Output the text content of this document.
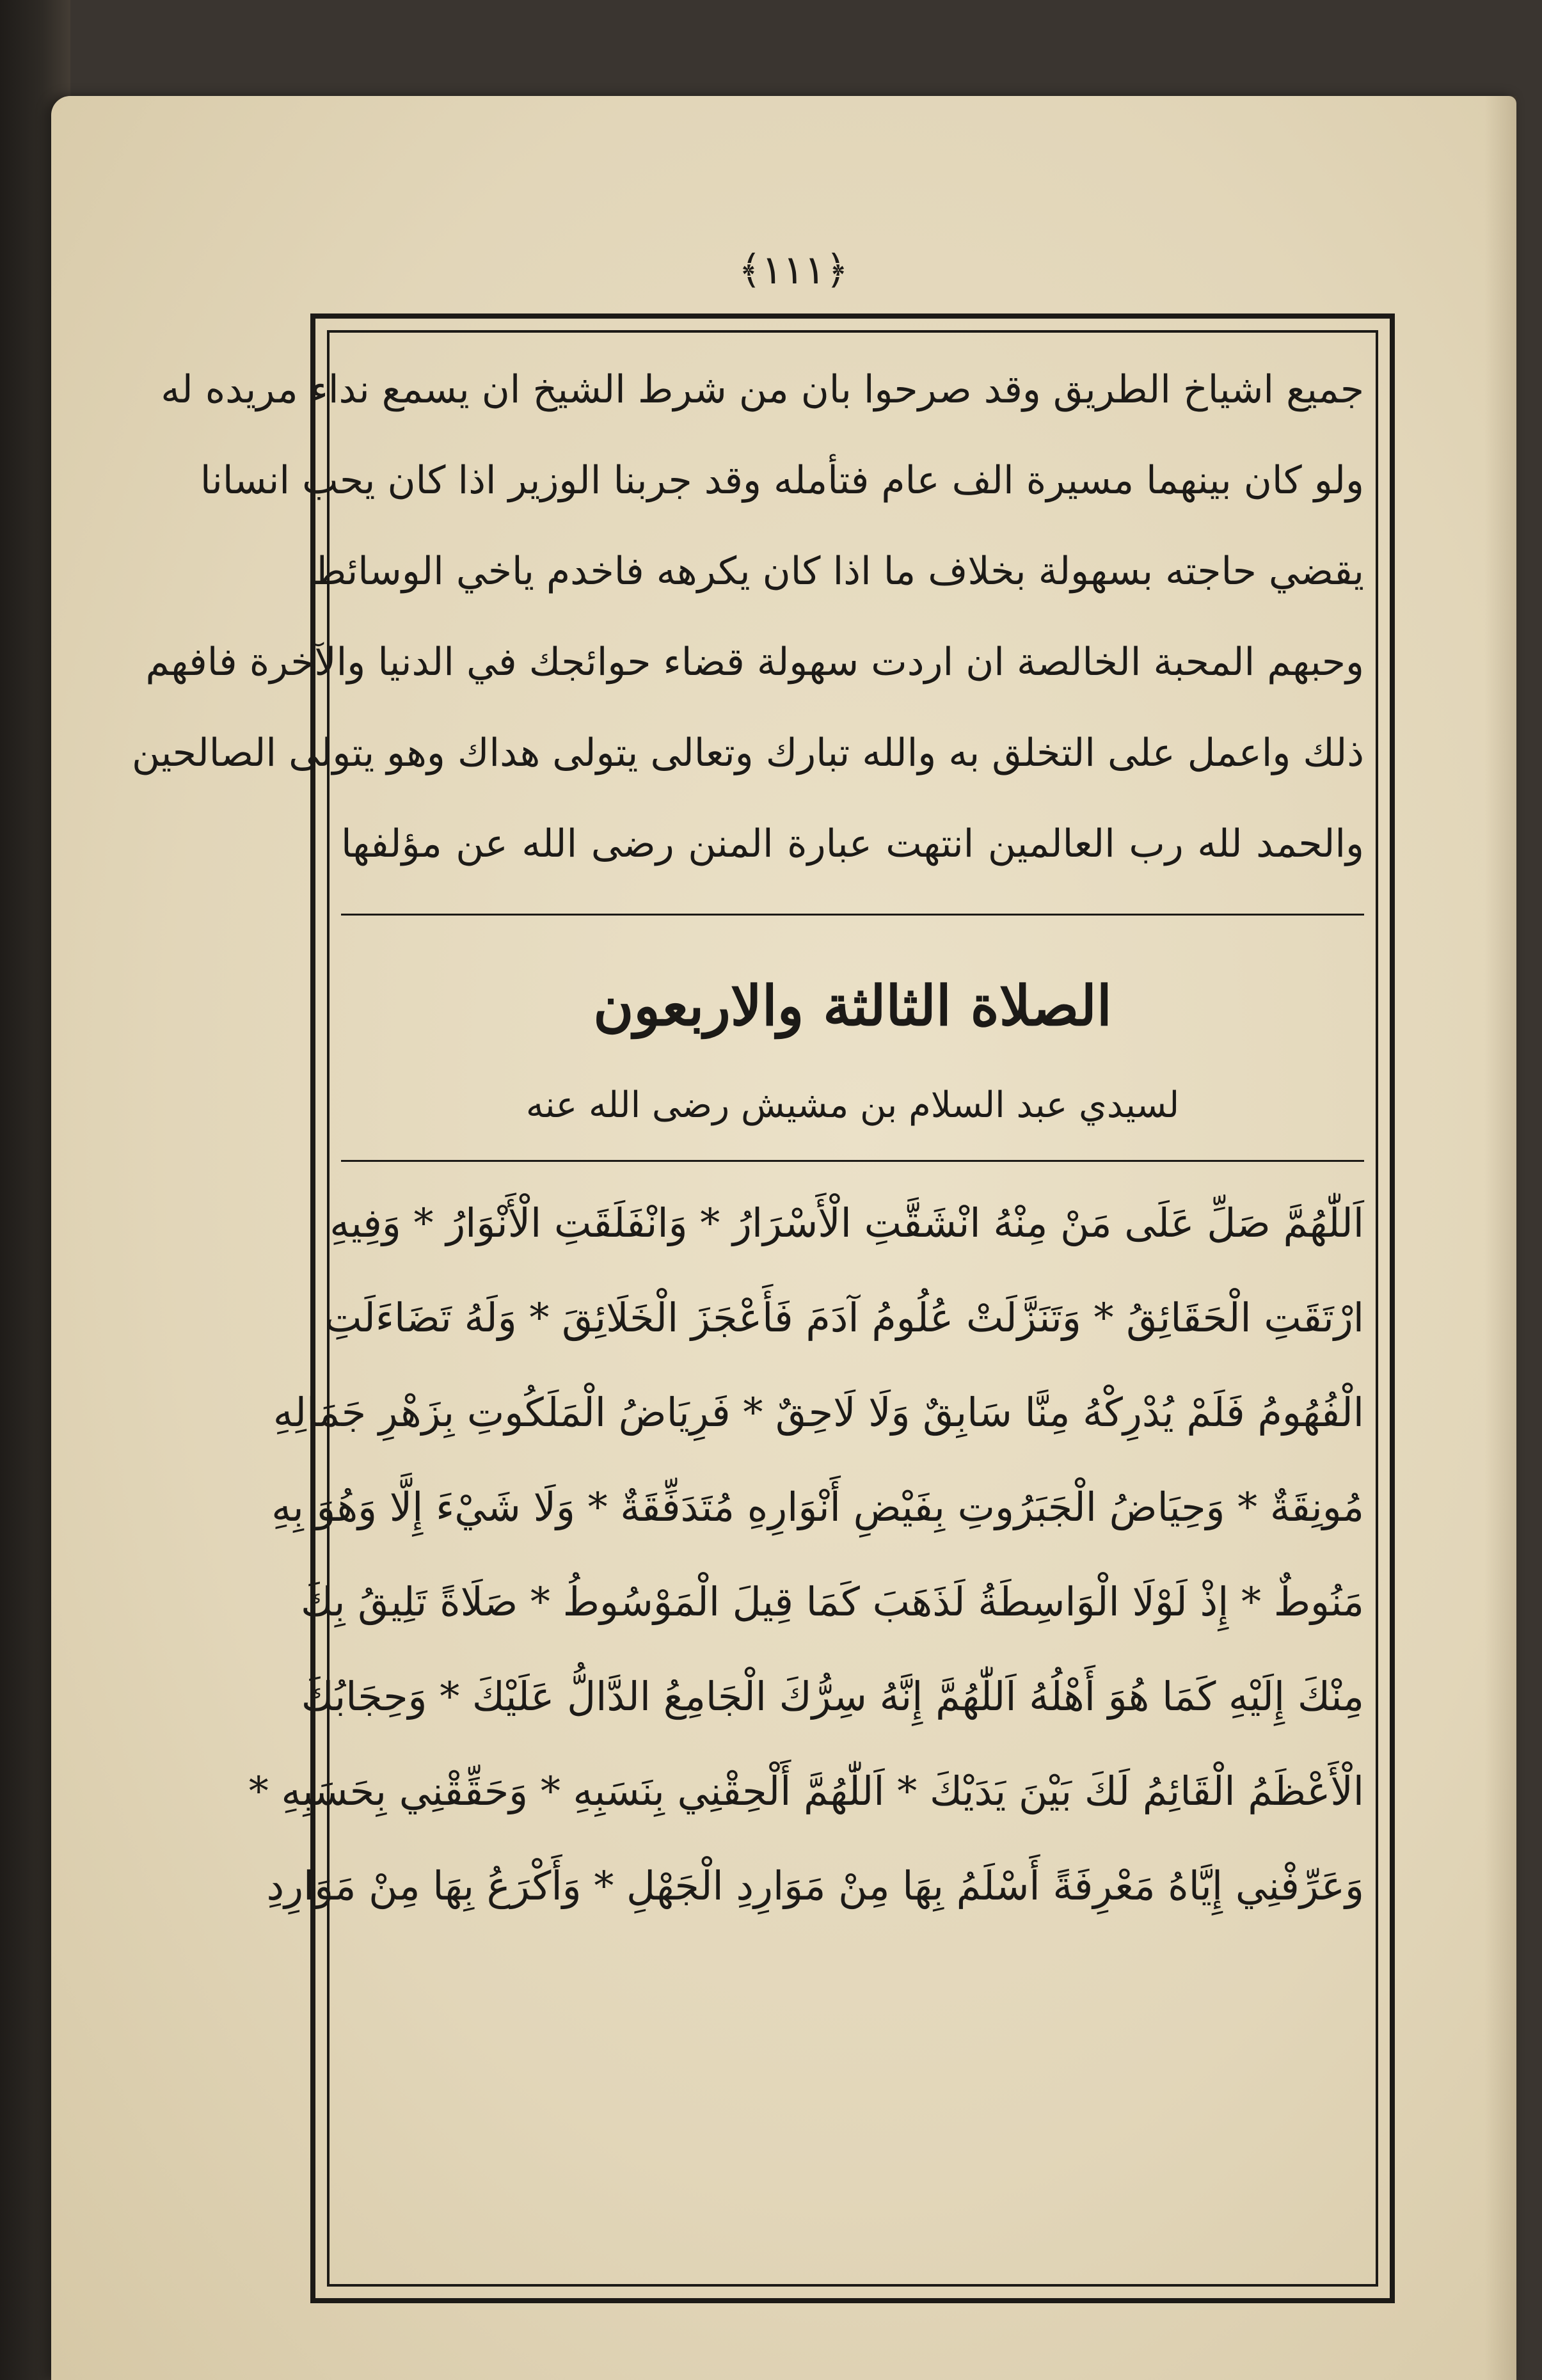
﴿١١١﴾
جميع اشياخ الطريق وقد صرحوا بان من شرط الشيخ ان يسمع نداء مريده له
ولو كان بينهما مسيرة الف عام فتأمله وقد جربنا الوزير اذا كان يحب انسانا
يقضي حاجته بسهولة بخلاف ما اذا كان يكرهه فاخدم ياخي الوسائط
وحبهم المحبة الخالصة ان اردت سهولة قضاء حوائجك في الدنيا والآخرة فافهم
ذلك واعمل على التخلق به والله تبارك وتعالى يتولى هداك وهو يتولى الصالحين
والحمد لله رب العالمين انتهت عبارة المنن رضى الله عن مؤلفها
الصلاة الثالثة والاربعون
لسيدي عبد السلام بن مشيش رضى الله عنه
اَللّٰهُمَّ صَلِّ عَلَى مَنْ مِنْهُ انْشَقَّتِ الْأَسْرَارُ * وَانْفَلَقَتِ الْأَنْوَارُ * وَفِيهِ
ارْتَقَتِ الْحَقَائِقُ * وَتَنَزَّلَتْ عُلُومُ آدَمَ فَأَعْجَزَ الْخَلَائِقَ * وَلَهُ تَضَاءَلَتِ
الْفُهُومُ فَلَمْ يُدْرِكْهُ مِنَّا سَابِقٌ وَلَا لَاحِقٌ * فَرِيَاضُ الْمَلَكُوتِ بِزَهْرِ جَمَالِهِ
مُونِقَةٌ * وَحِيَاضُ الْجَبَرُوتِ بِفَيْضِ أَنْوَارِهِ مُتَدَفِّقَةٌ * وَلَا شَيْءَ إِلَّا وَهُوَ بِهِ
مَنُوطٌ * إِذْ لَوْلَا الْوَاسِطَةُ لَذَهَبَ كَمَا قِيلَ الْمَوْسُوطُ * صَلَاةً تَلِيقُ بِكَ
مِنْكَ إِلَيْهِ كَمَا هُوَ أَهْلُهُ اَللّٰهُمَّ إِنَّهُ سِرُّكَ الْجَامِعُ الدَّالُّ عَلَيْكَ * وَحِجَابُكَ
الْأَعْظَمُ الْقَائِمُ لَكَ بَيْنَ يَدَيْكَ * اَللّٰهُمَّ أَلْحِقْنِي بِنَسَبِهِ * وَحَقِّقْنِي بِحَسَبِهِ *
وَعَرِّفْنِي إِيَّاهُ مَعْرِفَةً أَسْلَمُ بِهَا مِنْ مَوَارِدِ الْجَهْلِ * وَأَكْرَعُ بِهَا مِنْ مَوَارِدِ
